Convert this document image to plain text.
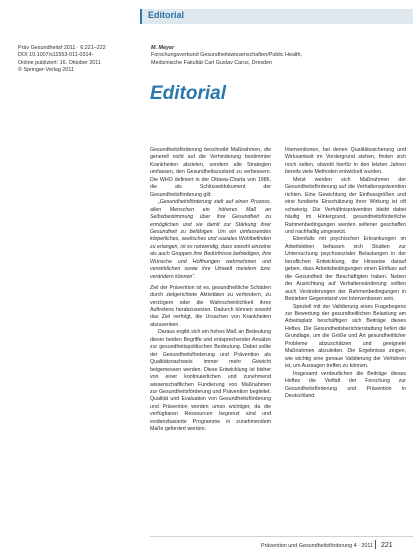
Editorial
Präv Gesundheitsf 2011 · 6:221–222
DOI 10.1007/s11553-011-0314-
Online publiziert: 16. Oktober 2011
© Springer-Verlag 2011
M. Meyer
Forschungsverbund Gesundheitswissenschaften/Public Health,
Medizinische Fakultät Carl Gustav Carus, Dresden
Editorial

Gesundheitsförderung beschreibt Maßnahmen, die generell nicht auf die Verhinderung bestimmter Krankheiten abzielen, sondern alle Strategien umfassen, den Gesundheitszustand zu verbessern. Die WHO definiert in der Ottawa-Charta von 1986, die als Schlüsseldokument der Gesundheitsförderung gilt:

„Gesundheitsförderung zielt auf einen Prozess, allen Menschen ein höheres Maß an Selbstbestimmung über ihre Gesundheit zu ermöglichen und sie damit zur Stärkung ihrer Gesundheit zu befähigen. Um ein umfassendes körperliches, seelisches und soziales Wohlbefinden zu erlangen, ist es notwendig, dass sowohl einzelne als auch Gruppen ihre Bedürfnisse befriedigen, ihre Wünsche und Hoffnungen wahrnehmen und verwirklichen sowie ihre Umwelt meistern bzw. verändern können“.

Ziel der Prävention ist es, gesundheitliche Schäden durch zielgerichtete Aktivitäten zu verhindern, zu verzögern oder die Wahrscheinlichkeit ihres Auftretens herabzusetzen. Dadurch können sowohl das Ziel verfolgt, die Ursachen von Krankheiten abzusenken.

Daraus ergibt sich ein hohes Maß an Bedeutung dieser beiden Begriffe und entsprechender Ansätze zur gesundheitspolitischen Bedeutung. Dabei sollte der Gesundheitsförderung und Prävention als Qualitätsnachweis immer mehr Gewicht beigemessen werden. Diese Entwicklung ist bisher von einer kontinuierlichen und zunehmend wissenschaftlichen Fundierung von Maßnahmen zur Gesundheitsförderung und Prävention begleitet. Qualität und Evaluation von Gesundheitsförderung und Prävention werden umso wichtiger, da die verfügbaren Ressourcen begrenzt sind und evidenzbasierte Programme in zunehmendem Maße gefordert werden.

Interventionen, bei denen Qualitätssicherung und Wirksamkeit im Vordergrund stehen, finden sich noch selten, obwohl hierfür in den letzten Jahren bereits viele Methoden entwickelt wurden.

Meist werden sich Maßnahmen der Gesundheitsförderung auf die Verhaltensprävention richten. Eine Gewichtung der Einflussgrößen und eine fundierte Einschätzung ihrer Wirkung ist oft schwierig. Die Verhältnisprävention bleibt dabei häufig im Hintergrund, gesundheitsförderliche Rahmenbedingungen werden seltener geschaffen und nachhaltig umgesetzt.

Ebenfalls mit psychischen Erkrankungen im Arbeitsleben befassen sich Studien zur Untersuchung psychosozialer Belastungen in der beruflichen Entwicklung, die Hinweise darauf geben, dass Arbeitsbedingungen einen Einfluss auf die Gesundheit der Beschäftigten haben. Neben der Ausrichtung auf Verhaltensänderung sollten auch Veränderungen der Rahmenbedingungen in Betrieben Gegenstand von Interventionen sein.

Speziell mit der Validierung eines Fragebogens zur Bewertung der gesundheitlichen Belastung am Arbeitsplatz beschäftigen sich Beiträge dieses Heftes. Die Gesundheitsberichterstattung liefert die Grundlage, um die Größe und Art gesundheitlicher Probleme abzuschätzen und geeignete Maßnahmen abzuleiten. Die Ergebnisse zeigen, wie wichtig eine genaue Validierung der Verfahren ist, um Aussagen treffen zu können.

Insgesamt verdeutlichen die Beiträge dieses Heftes die Vielfalt der Forschung zur Gesundheitsförderung und Prävention in Deutschland.

Prävention und Gesundheitsförderung 4 · 2011 221
